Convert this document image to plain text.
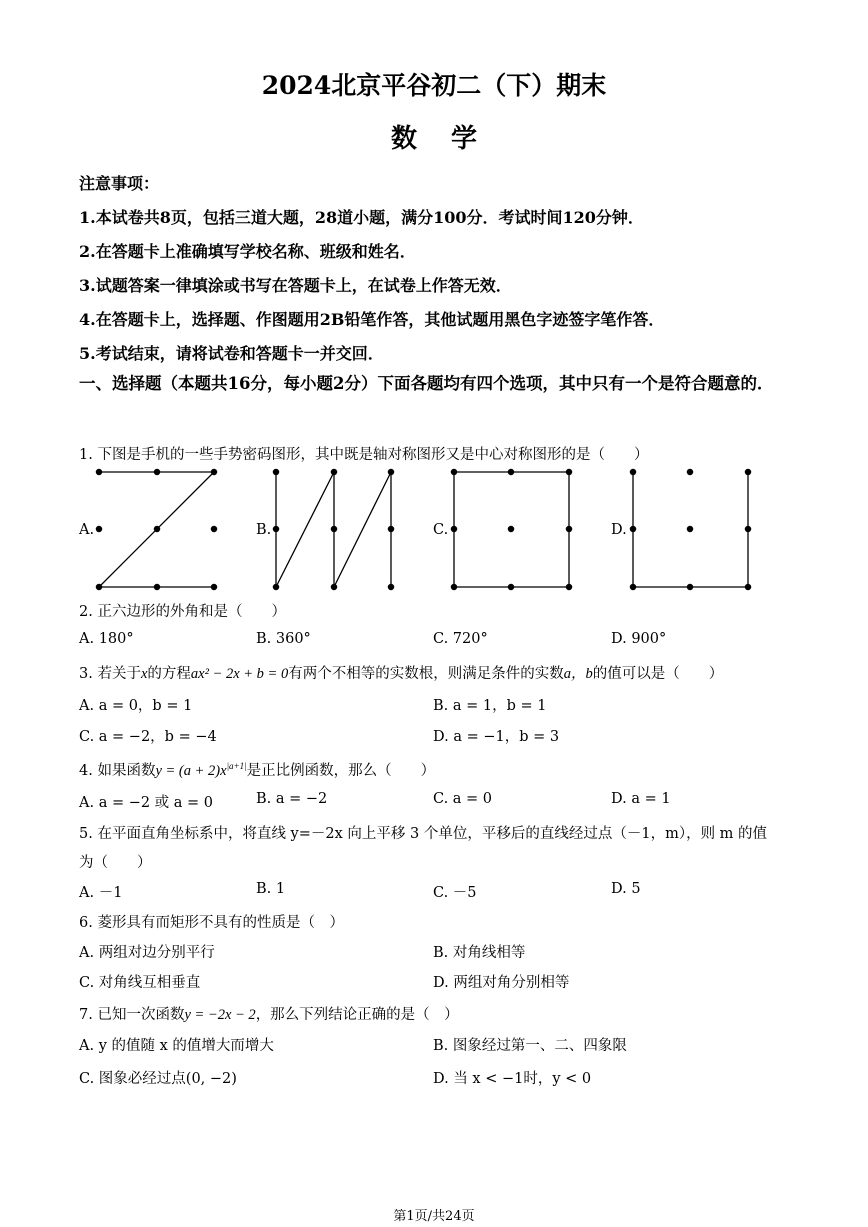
2024北京平谷初二（下）期末
数学
注意事项：
1.本试卷共8页，包括三道大题，28道小题，满分100分．考试时间120分钟．
2.在答题卡上准确填写学校名称、班级和姓名．
3.试题答案一律填涂或书写在答题卡上，在试卷上作答无效．
4.在答题卡上，选择题、作图题用2B铅笔作答，其他试题用黑色字迹签字笔作答．
5.考试结束，请将试卷和答题卡一并交回．
一、选择题（本题共16分，每小题2分）下面各题均有四个选项，其中只有一个是符合题意的．
1. 下图是手机的一些手势密码图形，其中既是轴对称图形又是中心对称图形的是（　　）
A.	B.	C.	D.
2. 正六边形的外角和是（　　）
A. 180°	B. 360°	C. 720°	D. 900°
3. 若关于x的方程ax² − 2x + b = 0有两个不相等的实数根，则满足条件的实数a，b的值可以是（　　）
A. a = 0，b = 1	B. a = 1，b = 1
C. a = −2，b = −4	D. a = −1，b = 3
4. 如果函数$y = (a + 2)x^{|a+1|}$是正比例函数，那么（　　）
A. a = −2 或 a = 0	B. a = −2	C. a = 0	D. a = 1
5. 在平面直角坐标系中，将直线 y=－2x 向上平移 3 个单位，平移后的直线经过点（－1，m），则 m 的值
为（　　）
A. －1	B. 1	C. －5	D. 5
6. 菱形具有而矩形不具有的性质是（　）
A. 两组对边分别平行	B. 对角线相等
C. 对角线互相垂直	D. 两组对角分别相等
7. 已知一次函数y = −2x − 2，那么下列结论正确的是（　）
A. y 的值随 x 的值增大而增大	B. 图象经过第一、二、四象限
C. 图象必经过点(0, −2)	D. 当 x < −1时，y < 0
第1页/共24页
